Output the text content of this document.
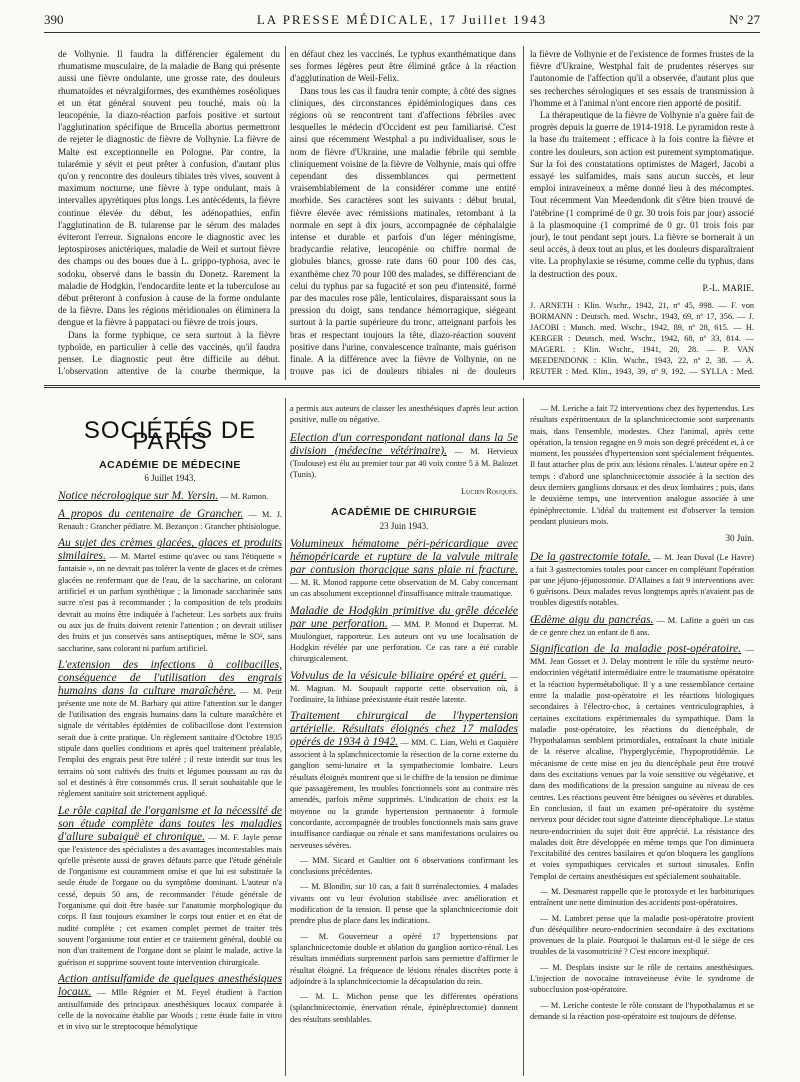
390	LA PRESSE MÉDICALE, 17 Juillet 1943	N° 27

de Volhynie. Il faudra la différencier également du rhumatisme musculaire, de la maladie de Bang qui présente aussi une fièvre ondulante, une grosse rate, des douleurs rhumatoïdes et névralgiformes, des exanthèmes roséoliques et un état général souvent peu touché, mais où la leucopénie, la diazo-réaction parfois positive et surtout l'agglutination spécifique de Brucella abortus permettront de rejeter le diagnostic de fièvre de Volhynie. La fièvre de Malte est exceptionnelle en Pologne. Par contre, la tularémie y sévit et peut prêter à confusion, d'autant plus qu'on y rencontre des douleurs tibiales très vives, souvent à maximum nocturne, une fièvre à type ondulant, mais à intervalles apyrétiques plus longs. Les antécédents, la fièvre continue élevée du début, les adénopathies, enfin l'agglutination de B. tularense par le sérum des malades éviteront l'erreur. Signalons encore le diagnostic avec les leptospiroses anictériques, maladie de Weil et surtout fièvre des champs ou des boues due à L. grippo-typhosa, avec le sodoku, observé dans le bassin du Donetz. Rarement la maladie de Hodgkin, l'endocardite lente et la tuberculose au début prêteront à confusion à cause de la forme ondulante de la fièvre. Dans les régions méridionales on éliminera la dengue et la fièvre à pappataci ou fièvre de trois jours.

Dans la forme typhique, ce sera surtout à la fièvre typhoïde, en particulier à celle des vaccinés, qu'il faudra penser. Le diagnostic peut être difficile au début. L'observation attentive de la courbe thermique, la

en défaut chez les vaccinés. Le typhus exanthématique dans ses formes légères peut être éliminé grâce à la réaction d'agglutination de Weil-Felix.

Dans tous les cas il faudra tenir compte, à côté des signes cliniques, des circonstances épidémiologiques dans ces régions où se rencontrent tant d'affections fébriles avec lesquelles le médecin d'Occident est peu familiarisé. C'est ainsi que récemment Westphal a pu individualiser, sous le nom de fièvre d'Ukraine, une maladie fébrile qui semble cliniquement voisine de la fièvre de Volhynie, mais qui offre cependant des dissemblances qui permettent vraisemblablement de la considérer comme une entité morbide. Ses caractères sont les suivants : début brutal, fièvre élevée avec rémissions matinales, retombant à la normale en sept à dix jours, accompagnée de céphalalgie intense et durable et parfois d'un léger méningisme, bradycardie relative, leucopénie ou chiffre normal de globules blancs, grosse rate dans 60 pour 100 des cas, exanthème chez 70 pour 100 des malades, se différenciant de celui du typhus par sa fugacité et son peu d'intensité, formé par des macules rose pâle, lenticulaires, disparaissant sous la pression du doigt, sans tendance hémorragique, siégeant surtout à la partie supérieure du tronc, atteignant parfois les bras et respectant toujours la tête, diazo-réaction souvent positive dans l'urine, convalescence traînante, mais guérison finale. A la différence avec la fièvre de Volhynie, on ne trouve pas ici de douleurs tibiales ni de douleurs

la fièvre de Volhynie et de l'existence de formes frustes de la fièvre d'Ukraine, Westphal fait de prudentes réserves sur l'autonomie de l'affection qu'il a observée, d'autant plus que ses recherches sérologiques et ses essais de transmission à l'homme et à l'animal n'ont encore rien apporté de positif.

La thérapeutique de la fièvre de Volhynie n'a guère fait de progrès depuis la guerre de 1914-1918. Le pyramidon reste à la base du traitement ; efficace à la fois contre la fièvre et contre les douleurs, son action est purement symptomatique. Sur la foi des constatations optimistes de Magerl, Jacobi a essayé les sulfamides, mais sans aucun succès, et leur emploi intraveineux a même donné lieu à des mécomptes. Tout récemment Van Meedendonk dit s'être bien trouvé de l'atébrine (1 comprimé de 0 gr. 30 trois fois par jour) associé à la plasmoquine (1 comprimé de 0 gr. 01 trois fois par jour), le tout pendant sept jours. La fièvre se bornerait à un seul accès, à deux tout au plus, et les douleurs disparaîtraient vite. La prophylaxie se résume, comme celle du typhus, dans la destruction des poux.

P.-L. MARIE.

J. ARNETH : Klin. Wschr., 1942, 21, nº 45, 998. — F. von BORMANN : Deutsch. med. Wschr., 1943, 69, nº 17, 356. — J. JACOBI : Munch. med. Wschr., 1942, 89, nº 28, 615. — H. KERGER : Deutsch. med. Wschr., 1942, 68, nº 33, 814. — MAGERL : Klin. Wschr., 1941, 20, 28. — P. VAN MEEDENDONK : Klin. Wschr., 1943, 22, nº 2, 38. — A. REUTER : Med. Klin., 1943, 39, nº 9, 192. — SYLLA : Med.

SOCIÉTÉS DE PARIS
ACADÉMIE DE MÉDECINE
6 Juillet 1943.

Notice nécrologique sur M. Yersin. — M. Ramon.

A propos du centenaire de Grancher. — M. J. Renault : Grancher pédiatre. M. Bezançon : Grancher phtisiologue.

Au sujet des crèmes glacées, glaces et produits similaires. — M. Martel estime qu'avec ou sans l'étiquette « fantaisie », on ne devrait pas tolérer la vente de glaces et de crèmes glacées ne renfermant que de l'eau, de la saccharine, un colorant artificiel et un parfum synthétique ; la limonade saccharinée sans sucre n'est pas à recommander ; la composition de tels produits devrait au moins être indiquée à l'acheteur. Les sorbets aux fruits ou aux jus de fruits doivent retenir l'attention ; on devrait utiliser des fruits et jus conservés sans antiseptiques, même le SO², sans saccharine, sans colorant ni parfum artificiel.

L'extension des infections à colibacilles, conséquence de l'utilisation des engrais humains dans la culture maraîchère. — M. Petit présente une note de M. Barbary qui attire l'attention sur le danger de l'utilisation des engrais humains dans la culture maraîchère et signale de véritables épidémies de colibacillose dont l'extension serait due à cette pratique. Un règlement sanitaire d'Octobre 1935 stipule dans quelles conditions et après quel traitement préalable, l'emploi des engrais peut être toléré ; il reste interdit sur tous les terrains où sont cultivés des fruits et légumes poussant au ras du sol et destinés à être consommés crus. Il serait souhaitable que le règlement sanitaire soit strictement appliqué.

Le rôle capital de l'organisme et la nécessité de son étude complète dans toutes les maladies d'allure subaiguë et chronique. — M. F. Jayle pense que l'existence des spécialistes a des avantages incontestables mais qu'elle présente aussi de graves défauts parce que l'étude générale de l'organisme est couramment omise et que lui est substituée la seule étude de l'organe ou du symptôme dominant. L'auteur n'a cessé, depuis 50 ans, de recommander l'étude générale de l'organisme qui doit être basée sur l'anatomie morphologique du corps. Il faut toujours examiner le corps tout entier et en état de nudité complète ; cet examen complet permet de traiter très souvent l'organisme tout entier et ce traitement général, doublé ou non d'un traitement de l'organe dont se plaint le malade, active la guérison et supprime souvent toute intervention chirurgicale.

Action antisulfamide de quelques anesthésiques locaux. — Mlle Régnier et M. Feyel étudient à l'action antisulfamide des principaux anesthésiques locaux comparée à celle de la novocaïne établie par Woods ; cette étude faite in vitro et in vivo sur le streptocoque hémolytique

a permis aux auteurs de classer les anesthésiques d'après leur action positive, nulle ou négative.

Election d'un correspondant national dans la 5e division (médecine vétérinaire). — M. Hervieux (Toulouse) est élu au premier tour par 40 voix contre 5 à M. Balozet (Tunis).

Lucien Rouquès.
ACADÉMIE DE CHIRURGIE
23 Juin 1943.

Volumineux hématome péri-péricardique avec hémopéricarde et rupture de la valvule mitrale par contusion thoracique sans plaie ni fracture. — M. R. Monod rapporte cette observation de M. Caby concernant un cas absolument exceptionnel d'insuffisance mitrale traumatique.

Maladie de Hodgkin primitive du grêle décelée par une perforation. — MM. P. Monod et Duperrat. M. Moulonguet, rapporteur. Les auteurs ont vu une localisation de Hodgkin révélée par une perforation. Ce cas rare a été curable chirurgicalement.

Volvulus de la vésicule biliaire opéré et guéri. — M. Magnan. M. Soupault rapporte cette observation où, à l'ordinaire, la lithiase préexistante était restée latente.

Traitement chirurgical de l'hypertension artérielle. Résultats éloignés chez 17 malades opérés de 1934 à 1942. — MM. C. Lian, Welti et Gaquière associent à la splanchnicectomie la résection de la corne externe du ganglion semi-lunaire et la sympathectomie lombaire. Leurs résultats éloignés montrent que si le chiffre de la tension ne diminue que passagèrement, les troubles fonctionnels sont au contraire très amendés, parfois même supprimés. L'indication de choix est la moyenne ou la grande hypertension permanente à formule concordante, accompagnée de troubles fonctionnels mais sans grave insuffisance cardiaque ou rénale et sans manifestations oculaires ou nerveuses sévères.

— MM. Sicard et Gaultier ont 6 observations confirmant les conclusions précédentes.

— M. Blondin, sur 10 cas, a fait 8 surrénalectomies. 4 malades vivants ont vu leur évolution stabilisée avec amélioration et modification de la tension. Il pense que la splanchnicectomie doit prendre plus de place dans les indications.

— M. Gouverneur a opéré 17 hypertensions par splanchnicectomie double et ablation du ganglion aortico-rénal. Les résultats immédiats surprennent parfois sans permettre d'affirmer le résultat éloigné. La fréquence de lésions rénales discrètes porte à adjoindre à la splanchnicectomie la décapsulation du rein.

— M. L. Michon pense que les différentes opérations (splanchnicectomie, énervation rénale, épinéphrectomie) donnent des résultats semblables.

— M. Leriche a fait 72 interventions chez des hypertendus. Les résultats expérimentaux de la splanchnicectomie sont surprenants mais, dans l'ensemble, modestes. Chez l'animal, après cette opération, la tension regagne en 9 mois son degré précédent et, à ce moment, les poussées d'hypertension sont spécialement fréquentes. Il faut attacher plus de prix aux lésions rénales. L'auteur opère en 2 temps : d'abord une splanchnicectomie associée à la section des deux derniers ganglions dorsaux et des deux lombaires ; puis, dans le deuxième temps, une intervention analogue associée à une épinéphrectomie. L'idéal du traitement est d'observer la tension pendant plusieurs mois.

30 Juin.

De la gastrectomie totale. — M. Jean Duval (Le Havre) a fait 3 gastrectomies totales pour cancer en complétant l'opération par une jéjuno-jéjunostomie. D'Allaines a fait 9 interventions avec 6 guérisons. Deux malades revus longtemps après n'avaient pas de troubles digestifs notables.

Œdème aigu du pancréas. — M. Lafitte a guéri un cas de ce genre chez un enfant de 8 ans.

Signification de la maladie post-opératoire. — MM. Jean Gosset et J. Delay montrent le rôle du système neuro-endocrinien végétatif intermédiaire entre le traumatisme opératoire et la réaction hypermétabolique. Il y a une ressemblance certaine entre la maladie post-opératoire et les réactions biologiques secondaires à l'électro-choc, à certaines ventriculographies, à certaines excitations expérimentales du sympathique. Dans la maladie post-opératoire, les réactions du diencéphale, de l'hypothalamus semblent primordiales, entraînant la chute initiale de la réserve alcaline, l'hyperglycémie, l'hypoprotidémie. Le mécanisme de cette mise en jeu du diencéphale peut être trouvé dans des excitations venues par la voie sensitive ou végétative, et dans des modifications de la pression sanguine au niveau de ces centres. Les réactions peuvent être bénignes ou sévères et durables. En conclusion, il faut un examen pré-opératoire du système nerveux pour décider tout signe d'atteinte diencéphalique. Le status neuro-endocrinien du sujet doit être apprécié. La résistance des malades doit être développée en même temps que l'on diminuera l'excitabilité des centres basilaires et qu'on bloquera les ganglions et voies sympathiques cervicales et surtout sinusales. Enfin l'emploi de certains anesthésiques est spécialement souhaitable.

— M. Desmarest rappelle que le protoxyde et les barbituriques entraînent une nette diminution des accidents post-opératoires.

— M. Lambret pense que la maladie post-opératoire provient d'un déséquilibre neuro-endocrinien secondaire à des excitations provenues de la plaie. Pourquoi le thalamus est-il le siège de ces troubles de la vasomotricité ? C'est encore inexpliqué.

— M. Desplats insiste sur le rôle de certains anesthésiques. L'injection de novocaïne intraveineuse évite le syndrome de subocclusion post-opératoire.

— M. Leriche conteste le rôle constant de l'hypothalamus et se demande si la réaction post-opératoire est toujours de défense.
